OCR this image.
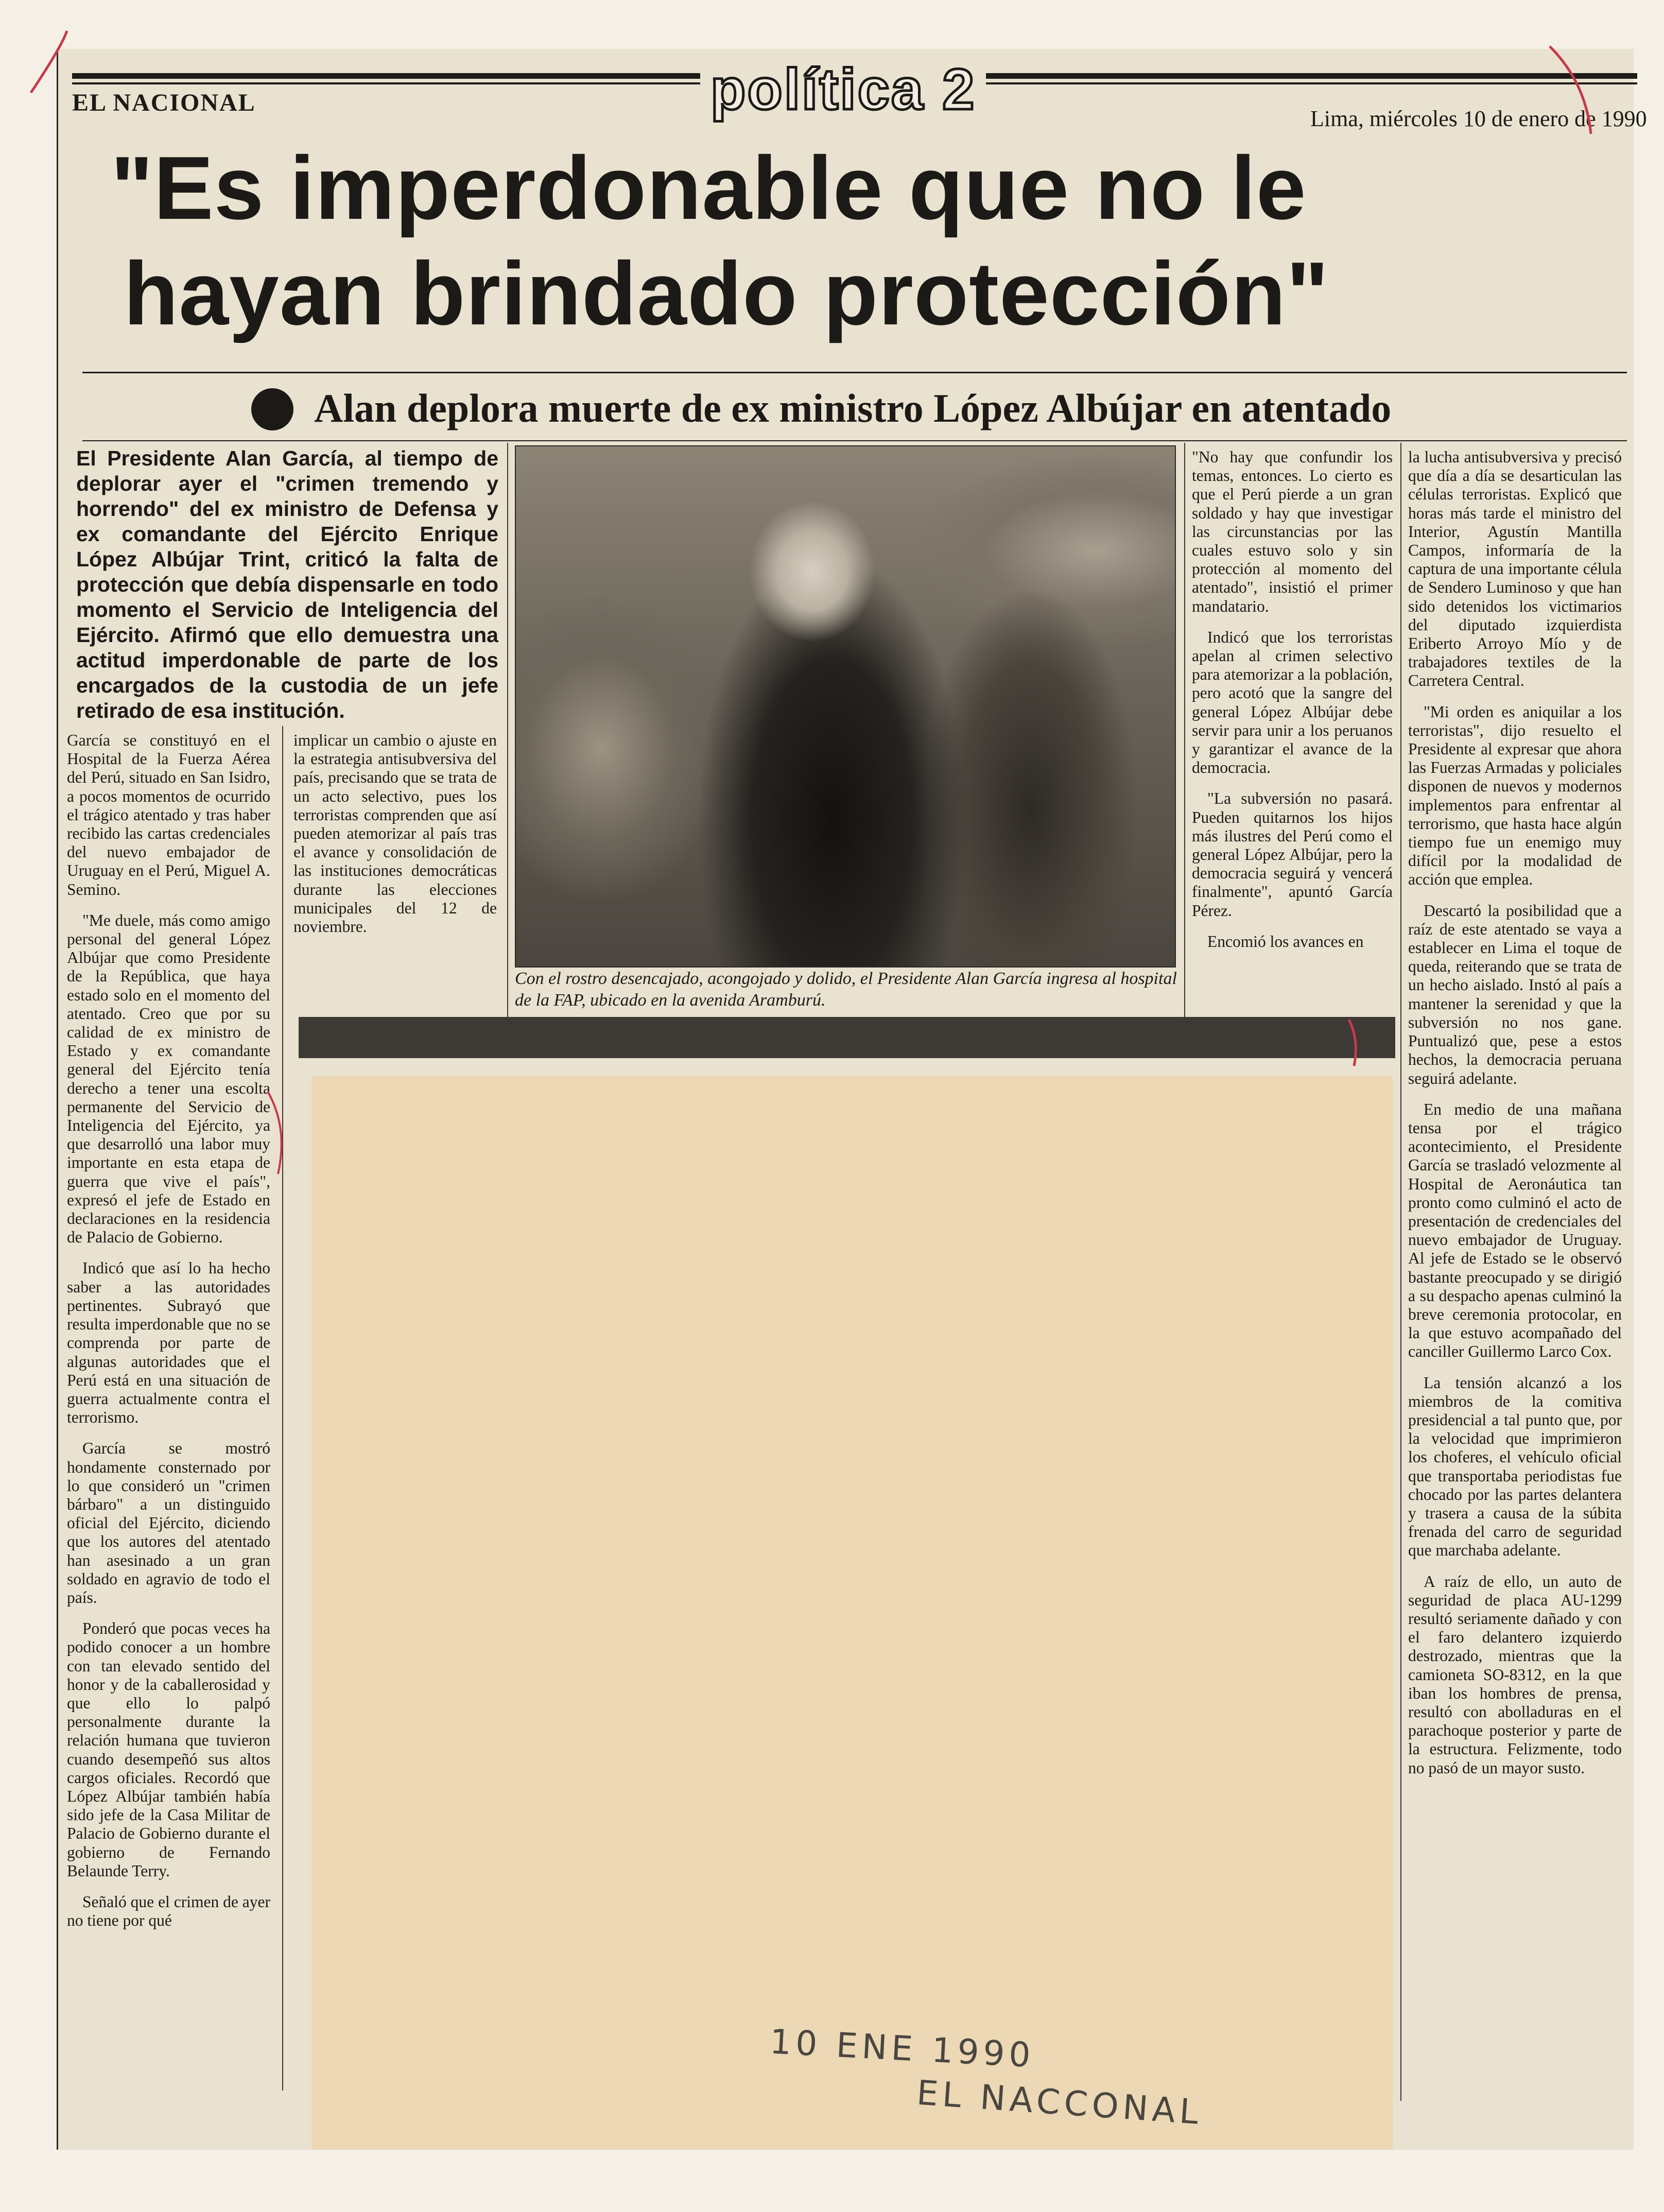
política 2
EL NACIONAL
Lima, miércoles 10 de enero de 1990
"Es imperdonable que no le
hayan brindado protección"
Alan deplora muerte de ex ministro López Albújar en atentado
El Presidente Alan García, al tiempo de deplorar ayer el "crimen tremendo y horrendo" del ex ministro de Defensa y ex comandante del Ejército Enrique López Albújar Trint, criticó la falta de protección que debía dispensarle en todo momento el Servicio de Inteligencia del Ejército. Afirmó que ello demuestra una actitud imperdonable de parte de los encargados de la custodia de un jefe retirado de esa institución.

García se constituyó en el Hospital de la Fuerza Aérea del Perú, situado en San Isidro, a pocos momentos de ocurrido el trágico atentado y tras haber recibido las cartas credenciales del nuevo embajador de Uruguay en el Perú, Miguel A. Semino.

"Me duele, más como amigo personal del general López Albújar que como Presidente de la República, que haya estado solo en el momento del atentado. Creo que por su calidad de ex ministro de Estado y ex comandante general del Ejército tenía derecho a tener una escolta permanente del Servicio de Inteligencia del Ejército, ya que desarrolló una labor muy importante en esta etapa de guerra que vive el país", expresó el jefe de Estado en declaraciones en la residencia de Palacio de Gobierno.

Indicó que así lo ha hecho saber a las autoridades pertinentes. Subrayó que resulta imperdonable que no se comprenda por parte de algunas autoridades que el Perú está en una situación de guerra actualmente contra el terrorismo.

García se mostró hondamente consternado por lo que consideró un "crimen bárbaro" a un distinguido oficial del Ejército, diciendo que los autores del atentado han asesinado a un gran soldado en agravio de todo el país.

Ponderó que pocas veces ha podido conocer a un hombre con tan elevado sentido del honor y de la caballerosidad y que ello lo palpó personalmente durante la relación humana que tuvieron cuando desempeñó sus altos cargos oficiales. Recordó que López Albújar también había sido jefe de la Casa Militar de Palacio de Gobierno durante el gobierno de Fernando Belaunde Terry.

Señaló que el crimen de ayer no tiene por qué

implicar un cambio o ajuste en la estrategia antisubversiva del país, precisando que se trata de un acto selectivo, pues los terroristas comprenden que así pueden atemorizar al país tras el avance y consolidación de las instituciones democráticas durante las elecciones municipales del 12 de noviembre.

Con el rostro desencajado, acongojado y dolido, el Presidente Alan García ingresa al hospital de la FAP, ubicado en la avenida Aramburú.

"No hay que confundir los temas, entonces. Lo cierto es que el Perú pierde a un gran soldado y hay que investigar las circunstancias por las cuales estuvo solo y sin protección al momento del atentado", insistió el primer mandatario.

Indicó que los terroristas apelan al crimen selectivo para atemorizar a la población, pero acotó que la sangre del general López Albújar debe servir para unir a los peruanos y garantizar el avance de la democracia.

"La subversión no pasará. Pueden quitarnos los hijos más ilustres del Perú como el general López Albújar, pero la democracia seguirá y vencerá finalmente", apuntó García Pérez.

Encomió los avances en

la lucha antisubversiva y precisó que día a día se desarticulan las células terroristas. Explicó que horas más tarde el ministro del Interior, Agustín Mantilla Campos, informaría de la captura de una importante célula de Sendero Luminoso y que han sido detenidos los victimarios del diputado izquierdista Eriberto Arroyo Mío y de trabajadores textiles de la Carretera Central.

"Mi orden es aniquilar a los terroristas", dijo resuelto el Presidente al expresar que ahora las Fuerzas Armadas y policiales disponen de nuevos y modernos implementos para enfrentar al terrorismo, que hasta hace algún tiempo fue un enemigo muy difícil por la modalidad de acción que emplea.

Descartó la posibilidad que a raíz de este atentado se vaya a establecer en Lima el toque de queda, reiterando que se trata de un hecho aislado. Instó al país a mantener la serenidad y que la subversión no nos gane. Puntualizó que, pese a estos hechos, la democracia peruana seguirá adelante.

En medio de una mañana tensa por el trágico acontecimiento, el Presidente García se trasladó velozmente al Hospital de Aeronáutica tan pronto como culminó el acto de presentación de credenciales del nuevo embajador de Uruguay. Al jefe de Estado se le observó bastante preocupado y se dirigió a su despacho apenas culminó la breve ceremonia protocolar, en la que estuvo acompañado del canciller Guillermo Larco Cox.

La tensión alcanzó a los miembros de la comitiva presidencial a tal punto que, por la velocidad que imprimieron los choferes, el vehículo oficial que transportaba periodistas fue chocado por las partes delantera y trasera a causa de la súbita frenada del carro de seguridad que marchaba adelante.

A raíz de ello, un auto de seguridad de placa AU-1299 resultó seriamente dañado y con el faro delantero izquierdo destrozado, mientras que la camioneta SO-8312, en la que iban los hombres de prensa, resultó con abolladuras en el parachoque posterior y parte de la estructura. Felizmente, todo no pasó de un mayor susto.

10 ENE 1990
EL NACCONAL
